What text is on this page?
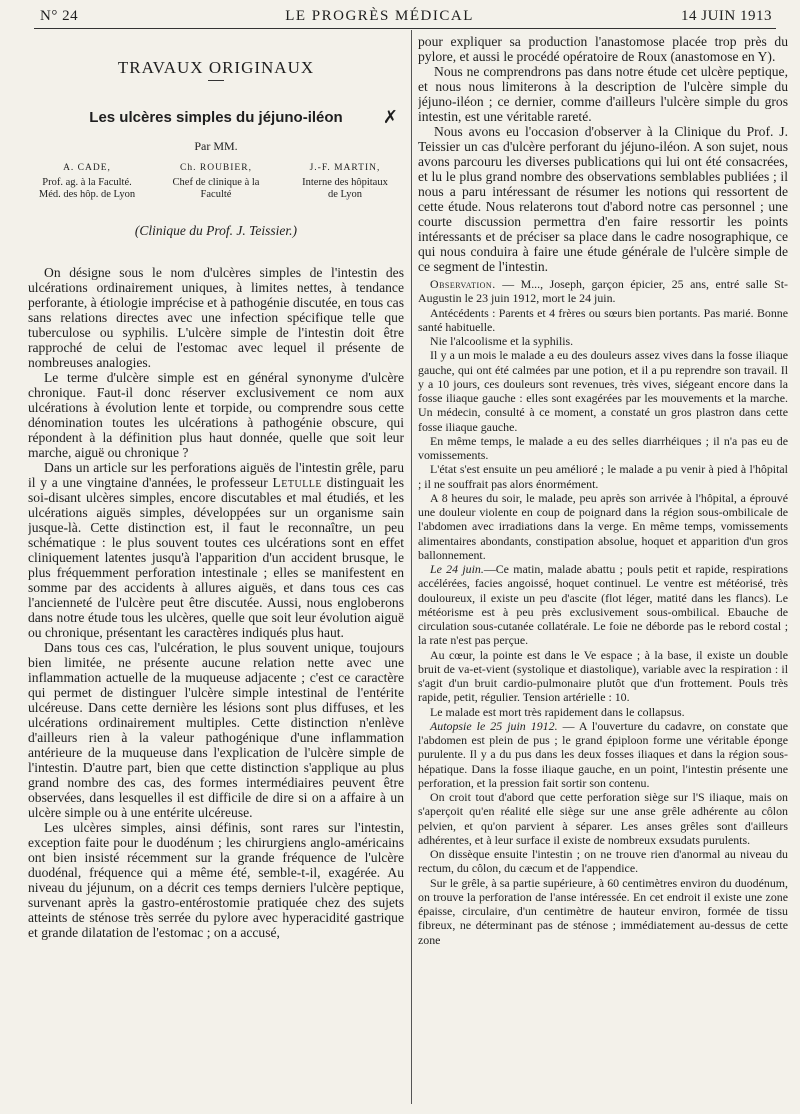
N° 24	LE PROGRÈS MÉDICAL	14 JUIN 1913
TRAVAUX ORIGINAUX
Les ulcères simples du jéjuno-iléon ✗
Par MM.
A. CADE,
Prof. ag. à la Faculté.
Méd. des hôp. de Lyon
Ch. ROUBIER,
Chef de clinique à la
Faculté
J.-F. MARTIN,
Interne des hôpitaux
de Lyon
(Clinique du Prof. J. Teissier.)

On désigne sous le nom d'ulcères simples de l'intestin des ulcérations ordinairement uniques, à limites nettes, à tendance perforante, à étiologie imprécise et à pathogénie discutée, en tous cas sans relations directes avec une infection spécifique telle que tuberculose ou syphilis. L'ulcère simple de l'intestin doit être rapproché de celui de l'estomac avec lequel il présente de nombreuses analogies.

Le terme d'ulcère simple est en général synonyme d'ulcère chronique. Faut-il donc réserver exclusivement ce nom aux ulcérations à évolution lente et torpide, ou comprendre sous cette dénomination toutes les ulcérations à pathogénie obscure, qui répondent à la définition plus haut donnée, quelle que soit leur marche, aiguë ou chronique ?

Dans un article sur les perforations aiguës de l'intestin grêle, paru il y a une vingtaine d'années, le professeur Letulle distinguait les soi-disant ulcères simples, encore discutables et mal étudiés, et les ulcérations aiguës simples, développées sur un organisme sain jusque-là. Cette distinction est, il faut le reconnaître, un peu schématique : le plus souvent toutes ces ulcérations sont en effet cliniquement latentes jusqu'à l'apparition d'un accident brusque, le plus fréquemment perforation intestinale ; elles se manifestent en somme par des accidents à allures aiguës, et dans tous ces cas l'ancienneté de l'ulcère peut être discutée. Aussi, nous engloberons dans notre étude tous les ulcères, quelle que soit leur évolution aiguë ou chronique, présentant les caractères indiqués plus haut.

Dans tous ces cas, l'ulcération, le plus souvent unique, toujours bien limitée, ne présente aucune relation nette avec une inflammation actuelle de la muqueuse adjacente ; c'est ce caractère qui permet de distinguer l'ulcère simple intestinal de l'entérite ulcéreuse. Dans cette dernière les lésions sont plus diffuses, et les ulcérations ordinairement multiples. Cette distinction n'enlève d'ailleurs rien à la valeur pathogénique d'une inflammation antérieure de la muqueuse dans l'explication de l'ulcère simple de l'intestin. D'autre part, bien que cette distinction s'applique au plus grand nombre des cas, des formes intermédiaires peuvent être observées, dans lesquelles il est difficile de dire si on a affaire à un ulcère simple ou à une entérite ulcéreuse.

Les ulcères simples, ainsi définis, sont rares sur l'intestin, exception faite pour le duodénum ; les chirurgiens anglo-américains ont bien insisté récemment sur la grande fréquence de l'ulcère duodénal, fréquence qui a même été, semble-t-il, exagérée. Au niveau du jéjunum, on a décrit ces temps derniers l'ulcère peptique, survenant après la gastro-entérostomie pratiquée chez des sujets atteints de sténose très serrée du pylore avec hyperacidité gastrique et grande dilatation de l'estomac ; on a accusé,

pour expliquer sa production l'anastomose placée trop près du pylore, et aussi le procédé opératoire de Roux (anastomose en Y).

Nous ne comprendrons pas dans notre étude cet ulcère peptique, et nous nous limiterons à la description de l'ulcère simple du jéjuno-iléon ; ce dernier, comme d'ailleurs l'ulcère simple du gros intestin, est une véritable rareté.

Nous avons eu l'occasion d'observer à la Clinique du Prof. J. Teissier un cas d'ulcère perforant du jéjuno-iléon. A son sujet, nous avons parcouru les diverses publications qui lui ont été consacrées, et lu le plus grand nombre des observations semblables publiées ; il nous a paru intéressant de résumer les notions qui ressortent de cette étude. Nous relaterons tout d'abord notre cas personnel ; une courte discussion permettra d'en faire ressortir les points intéressants et de préciser sa place dans le cadre nosographique, ce qui nous conduira à faire une étude générale de l'ulcère simple de ce segment de l'intestin.

Observation. — M..., Joseph, garçon épicier, 25 ans, entré salle St-Augustin le 23 juin 1912, mort le 24 juin.

Antécédents : Parents et 4 frères ou sœurs bien portants. Pas marié. Bonne santé habituelle.

Nie l'alcoolisme et la syphilis.

Il y a un mois le malade a eu des douleurs assez vives dans la fosse iliaque gauche, qui ont été calmées par une potion, et il a pu reprendre son travail. Il y a 10 jours, ces douleurs sont revenues, très vives, siégeant encore dans la fosse iliaque gauche : elles sont exagérées par les mouvements et la marche. Un médecin, consulté à ce moment, a constaté un gros plastron dans cette fosse iliaque gauche.

En même temps, le malade a eu des selles diarrhéiques ; il n'a pas eu de vomissements.

L'état s'est ensuite un peu amélioré ; le malade a pu venir à pied à l'hôpital ; il ne souffrait pas alors énormément.

A 8 heures du soir, le malade, peu après son arrivée à l'hôpital, a éprouvé une douleur violente en coup de poignard dans la région sous-ombilicale de l'abdomen avec irradiations dans la verge. En même temps, vomissements alimentaires abondants, constipation absolue, hoquet et apparition d'un gros ballonnement.

Le 24 juin.—Ce matin, malade abattu ; pouls petit et rapide, respirations accélérées, facies angoissé, hoquet continuel. Le ventre est météorisé, très douloureux, il existe un peu d'ascite (flot léger, matité dans les flancs). Le météorisme est à peu près exclusivement sous-ombilical. Ebauche de circulation sous-cutanée collatérale. Le foie ne déborde pas le rebord costal ; la rate n'est pas perçue.

Au cœur, la pointe est dans le Ve espace ; à la base, il existe un double bruit de va-et-vient (systolique et diastolique), variable avec la respiration : il s'agit d'un bruit cardio-pulmonaire plutôt que d'un frottement. Pouls très rapide, petit, régulier. Tension artérielle : 10.

Le malade est mort très rapidement dans le collapsus.

Autopsie le 25 juin 1912. — A l'ouverture du cadavre, on constate que l'abdomen est plein de pus ; le grand épiploon forme une véritable éponge purulente. Il y a du pus dans les deux fosses iliaques et dans la région sous-hépatique. Dans la fosse iliaque gauche, en un point, l'intestin présente une perforation, et la pression fait sortir son contenu.

On croit tout d'abord que cette perforation siège sur l'S iliaque, mais on s'aperçoit qu'en réalité elle siège sur une anse grêle adhérente au côlon pelvien, et qu'on parvient à séparer. Les anses grêles sont d'ailleurs adhérentes, et à leur surface il existe de nombreux exsudats purulents.

On dissèque ensuite l'intestin ; on ne trouve rien d'anormal au niveau du rectum, du côlon, du cæcum et de l'appendice.

Sur le grêle, à sa partie supérieure, à 60 centimètres environ du duodénum, on trouve la perforation de l'anse intéressée. En cet endroit il existe une zone épaisse, circulaire, d'un centimètre de hauteur environ, formée de tissu fibreux, ne déterminant pas de sténose ; immédiatement au-dessus de cette zone
